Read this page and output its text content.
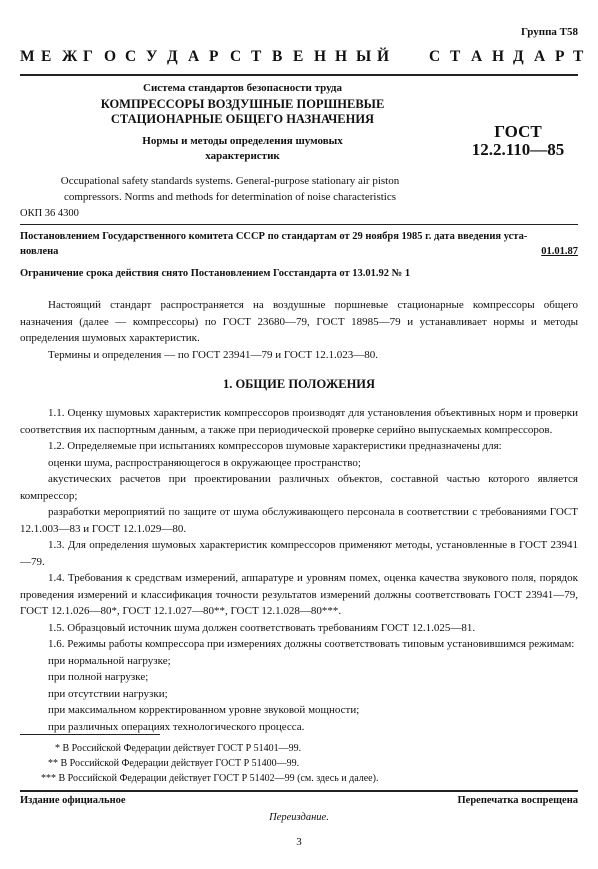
Группа Т58
М Е Ж Г О С У Д А Р С Т В Е Н Н Ы Й	С Т А Н Д А Р Т
Система стандартов безопасности труда
КОМПРЕССОРЫ ВОЗДУШНЫЕ ПОРШНЕВЫЕ
СТАЦИОНАРНЫЕ ОБЩЕГО НАЗНАЧЕНИЯ
Нормы и методы определения шумовых
характеристик
ГОСТ
12.2.110—85
Occupational safety standards systems. General-purpose stationary air piston
compressors. Norms and methods for determination of noise characteristics
ОКП 36 4300
Постановлением Государственного комитета СССР по стандартам от 29 ноября 1985 г. дата введения уста-
новлена	01.01.87
Ограничение срока действия снято Постановлением Госстандарта от 13.01.92 № 1

Настоящий стандарт распространяется на воздушные поршневые стационарные компрессоры общего назначения (далее — компрессоры) по ГОСТ 23680—79, ГОСТ 18985—79 и устанавливает нормы и методы определения шумовых характеристик.

Термины и определения — по ГОСТ 23941—79 и ГОСТ 12.1.023—80.

1. ОБЩИЕ ПОЛОЖЕНИЯ

1.1. Оценку шумовых характеристик компрессоров производят для установления объективных норм и проверки соответствия их паспортным данным, а также при периодической проверке серийно выпускаемых компрессоров.

1.2. Определяемые при испытаниях компрессоров шумовые характеристики предназначены для:

оценки шума, распространяющегося в окружающее пространство;

акустических расчетов при проектировании различных объектов, составной частью которого является компрессор;

разработки мероприятий по защите от шума обслуживающего персонала в соответствии с требованиями ГОСТ 12.1.003—83 и ГОСТ 12.1.029—80.

1.3. Для определения шумовых характеристик компрессоров применяют методы, установленные в ГОСТ 23941—79.

1.4. Требования к средствам измерений, аппаратуре и уровням помех, оценка качества звукового поля, порядок проведения измерений и классификация точности результатов измерений должны соответствовать ГОСТ 23941—79, ГОСТ 12.1.026—80*, ГОСТ 12.1.027—80**, ГОСТ 12.1.028—80***.

1.5. Образцовый источник шума должен соответствовать требованиям ГОСТ 12.1.025—81.

1.6. Режимы работы компрессора при измерениях должны соответствовать типовым установившимся режимам:

при нормальной нагрузке;

при полной нагрузке;

при отсутствии нагрузки;

при максимальном корректированном уровне звуковой мощности;

при различных операциях технологического процесса.

* В Российской Федерации действует ГОСТ Р 51401—99.
** В Российской Федерации действует ГОСТ Р 51400—99.
*** В Российской Федерации действует ГОСТ Р 51402—99 (см. здесь и далее).
Издание официальное	Перепечатка воспрещена
Переиздание.
3
